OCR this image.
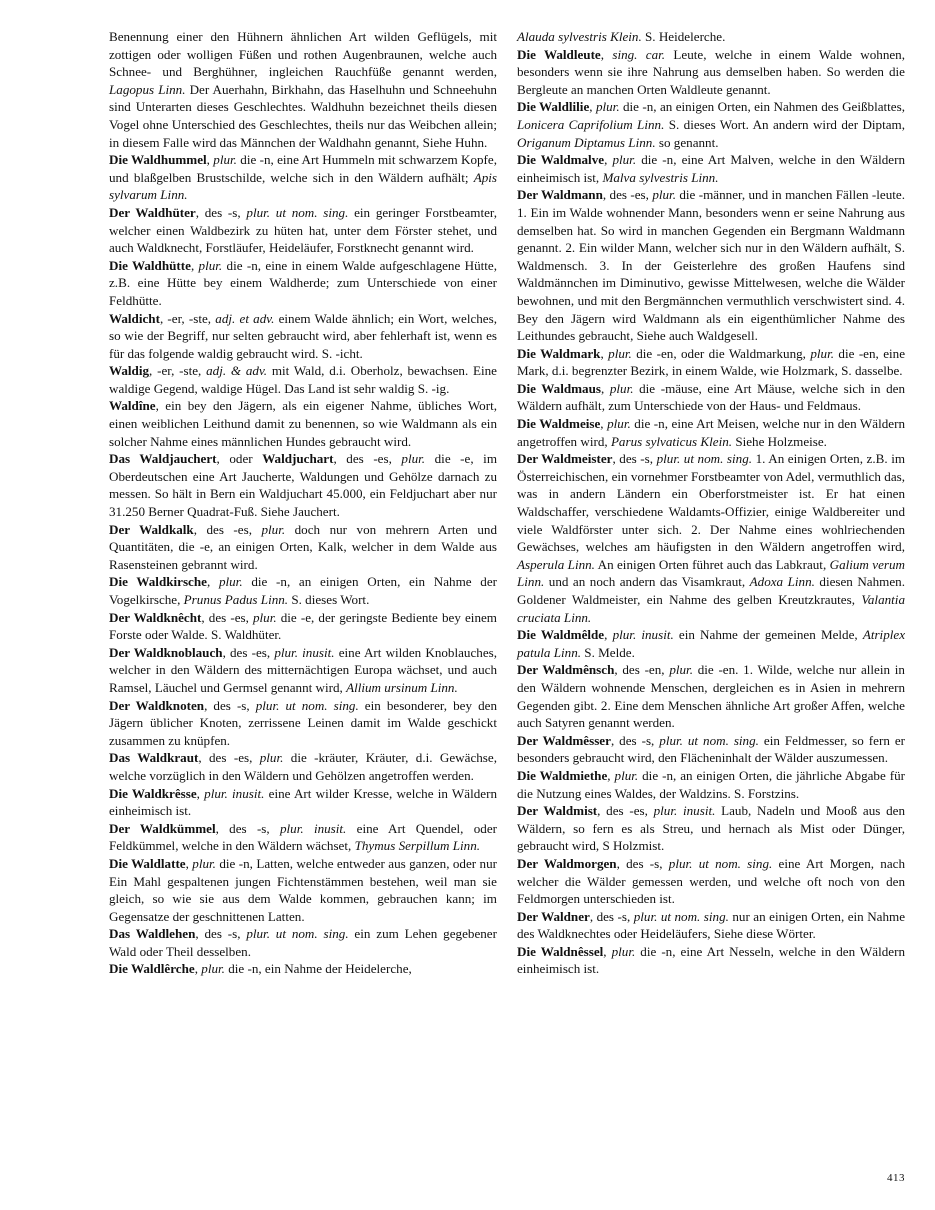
Benennung einer den Hühnern ähnlichen Art wilden Geflügels, mit zottigen oder wolligen Füßen und rothen Augenbraunen, welche auch Schnee- und Berghühner, ingleichen Rauchfüße genannt werden, Lagopus Linn. Der Auerhahn, Birkhahn, das Haselhuhn und Schneehuhn sind Unterarten dieses Geschlechtes. Waldhuhn bezeichnet theils diesen Vogel ohne Unterschied des Geschlechtes, theils nur das Weibchen allein; in diesem Falle wird das Männchen der Waldhahn genannt, Siehe Huhn.

Die Waldhummel, plur. die -n, eine Art Hummeln mit schwarzem Kopfe, und blaßgelben Brustschilde, welche sich in den Wäldern aufhält; Apis sylvarum Linn.

Der Waldhüter, des -s, plur. ut nom. sing. ein geringer Forstbeamter, welcher einen Waldbezirk zu hüten hat, unter dem Förster stehet, und auch Waldknecht, Forstläufer, Heideläufer, Forstknecht genannt wird.

Die Waldhütte, plur. die -n, eine in einem Walde aufgeschlagene Hütte, z.B. eine Hütte bey einem Waldherde; zum Unterschiede von einer Feldhütte.

Waldicht, -er, -ste, adj. et adv. einem Walde ähnlich; ein Wort, welches, so wie der Begriff, nur selten gebraucht wird, aber fehlerhaft ist, wenn es für das folgende waldig gebraucht wird. S. -icht.

Waldig, -er, -ste, adj. & adv. mit Wald, d.i. Oberholz, bewachsen. Eine waldige Gegend, waldige Hügel. Das Land ist sehr waldig S. -ig.

Waldîne, ein bey den Jägern, als ein eigener Nahme, übliches Wort, einen weiblichen Leithund damit zu benennen, so wie Waldmann als ein solcher Nahme eines männlichen Hundes gebraucht wird.

Das Waldjauchert, oder Waldjuchart, des -es, plur. die -e, im Oberdeutschen eine Art Jaucherte, Waldungen und Gehölze darnach zu messen. So hält in Bern ein Waldjuchart 45.000, ein Feldjuchart aber nur 31.250 Berner Quadrat-Fuß. Siehe Jauchert.

Der Waldkalk, des -es, plur. doch nur von mehrern Arten und Quantitäten, die -e, an einigen Orten, Kalk, welcher in dem Walde aus Rasensteinen gebrannt wird.

Die Waldkirsche, plur. die -n, an einigen Orten, ein Nahme der Vogelkirsche, Prunus Padus Linn. S. dieses Wort.

Der Waldknêcht, des -es, plur. die -e, der geringste Bediente bey einem Forste oder Walde. S. Waldhüter.

Der Waldknoblauch, des -es, plur. inusit. eine Art wilden Knoblauches, welcher in den Wäldern des mitternächtigen Europa wächset, und auch Ramsel, Läuchel und Germsel genannt wird, Allium ursinum Linn.

Der Waldknoten, des -s, plur. ut nom. sing. ein besonderer, bey den Jägern üblicher Knoten, zerrissene Leinen damit im Walde geschickt zusammen zu knüpfen.

Das Waldkraut, des -es, plur. die -kräuter, Kräuter, d.i. Gewächse, welche vorzüglich in den Wäldern und Gehölzen angetroffen werden.

Die Waldkrêsse, plur. inusit. eine Art wilder Kresse, welche in Wäldern einheimisch ist.

Der Waldkümmel, des -s, plur. inusit. eine Art Quendel, oder Feldkümmel, welche in den Wäldern wächset, Thymus Serpillum Linn.

Die Waldlatte, plur. die -n, Latten, welche entweder aus ganzen, oder nur Ein Mahl gespaltenen jungen Fichtenstämmen bestehen, weil man sie gleich, so wie sie aus dem Walde kommen, gebrauchen kann; im Gegensatze der geschnittenen Latten.

Das Waldlehen, des -s, plur. ut nom. sing. ein zum Lehen gegebener Wald oder Theil desselben.

Die Waldlêrche, plur. die -n, ein Nahme der Heidelerche,

Alauda sylvestris Klein. S. Heidelerche.

Die Waldleute, sing. car. Leute, welche in einem Walde wohnen, besonders wenn sie ihre Nahrung aus demselben haben. So werden die Bergleute an manchen Orten Waldleute genannt.

Die Waldlilie, plur. die -n, an einigen Orten, ein Nahmen des Geißblattes, Lonicera Caprifolium Linn. S. dieses Wort. An andern wird der Diptam, Origanum Diptamus Linn. so genannt.

Die Waldmalve, plur. die -n, eine Art Malven, welche in den Wäldern einheimisch ist, Malva sylvestris Linn.

Der Waldmann, des -es, plur. die -männer, und in manchen Fällen -leute. 1. Ein im Walde wohnender Mann, besonders wenn er seine Nahrung aus demselben hat. So wird in manchen Gegenden ein Bergmann Waldmann genannt. 2. Ein wilder Mann, welcher sich nur in den Wäldern aufhält, S. Waldmensch. 3. In der Geisterlehre des großen Haufens sind Waldmännchen im Diminutivo, gewisse Mittelwesen, welche die Wälder bewohnen, und mit den Bergmännchen vermuthlich verschwistert sind. 4. Bey den Jägern wird Waldmann als ein eigenthümlicher Nahme des Leithundes gebraucht, Siehe auch Waldgesell.

Die Waldmark, plur. die -en, oder die Waldmarkung, plur. die -en, eine Mark, d.i. begrenzter Bezirk, in einem Walde, wie Holzmark, S. dasselbe.

Die Waldmaus, plur. die -mäuse, eine Art Mäuse, welche sich in den Wäldern aufhält, zum Unterschiede von der Haus- und Feldmaus.

Die Waldmeise, plur. die -n, eine Art Meisen, welche nur in den Wäldern angetroffen wird, Parus sylvaticus Klein. Siehe Holzmeise.

Der Waldmeister, des -s, plur. ut nom. sing. 1. An einigen Orten, z.B. im Österreichischen, ein vornehmer Forstbeamter von Adel, vermuthlich das, was in andern Ländern ein Oberforstmeister ist. Er hat einen Waldschaffer, verschiedene Waldamts-Offizier, einige Waldbereiter und viele Waldförster unter sich. 2. Der Nahme eines wohlriechenden Gewächses, welches am häufigsten in den Wäldern angetroffen wird, Asperula Linn. An einigen Orten führet auch das Labkraut, Galium verum Linn. und an noch andern das Visamkraut, Adoxa Linn. diesen Nahmen. Goldener Waldmeister, ein Nahme des gelben Kreutzkrautes, Valantia cruciata Linn.

Die Waldmêlde, plur. inusit. ein Nahme der gemeinen Melde, Atriplex patula Linn. S. Melde.

Der Waldmênsch, des -en, plur. die -en. 1. Wilde, welche nur allein in den Wäldern wohnende Menschen, dergleichen es in Asien in mehrern Gegenden gibt. 2. Eine dem Menschen ähnliche Art großer Affen, welche auch Satyren genannt werden.

Der Waldmêsser, des -s, plur. ut nom. sing. ein Feldmesser, so fern er besonders gebraucht wird, den Flächeninhalt der Wälder auszumessen.

Die Waldmiethe, plur. die -n, an einigen Orten, die jährliche Abgabe für die Nutzung eines Waldes, der Waldzins. S. Forstzins.

Der Waldmist, des -es, plur. inusit. Laub, Nadeln und Mooß aus den Wäldern, so fern es als Streu, und hernach als Mist oder Dünger, gebraucht wird, S Holzmist.

Der Waldmorgen, des -s, plur. ut nom. sing. eine Art Morgen, nach welcher die Wälder gemessen werden, und welche oft noch von den Feldmorgen unterschieden ist.

Der Waldner, des -s, plur. ut nom. sing. nur an einigen Orten, ein Nahme des Waldknechtes oder Heideläufers, Siehe diese Wörter.

Die Waldnêssel, plur. die -n, eine Art Nesseln, welche in den Wäldern einheimisch ist.

413
